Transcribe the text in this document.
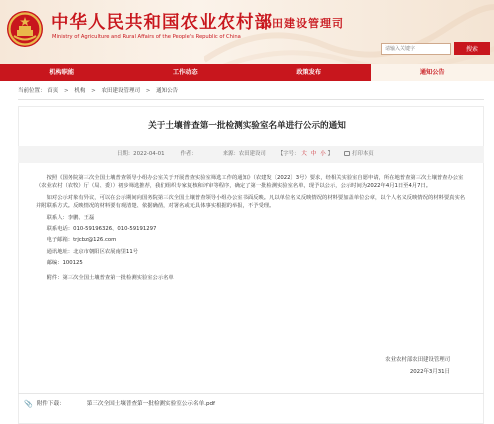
中华人民共和国农业农村部
Ministry of Agriculture and Rural Affairs of the People's Republic of China
农田建设管理司
请输入关键字
搜索
机构职能	工作动态	政策发布	通知公告
当前位置： 首页 > 机构 > 农田建设管理司 > 通知公告
关于土壤普查第一批检测实验室名单进行公示的通知
日期：2022-04-01	作者：	来源：农田建设司 【字号： 大 中 小 】	打印本页

按照《国务院第三次全国土壤普查领导小组办公室关于开展普查实验室筛选工作的通知》（农建发〔2022〕3号）要求，经相关实验室自愿申请，所在地普查第三次土壤普查办公室（农业农村（农牧）厅（局、委））初步筛选推荐，我们组织专家复核和评审等程序，确定了第一批检测实验室名单，现予以公示，公示时间为2022年4月1日至4月7日。

如对公示对象有异议，可以在公示期间向国务院第三次全国土壤普查领导小组办公室书面反映。凡以单位名义反映情况的材料要加盖单位公章，以个人名义反映情况的材料要真实名并附联系方式。反映情况的材料要有观清楚、依据确凿，对署名或无具体事实根据的举报，不予受理。

联系人：李鹏、王磊

联系电话：010-59196326、010-59191297

电子邮箱：trjcbz@126.com

通讯地址：北京市朝阳区农展南里11号

邮编：100125

附件：第三次全国土壤普查第一批检测实验室公示名单

农业农村部农田建设管理司
2022年3月31日
📎 附件下载：	第三次全国土壤普查第一批检测实验室公示名单.pdf
